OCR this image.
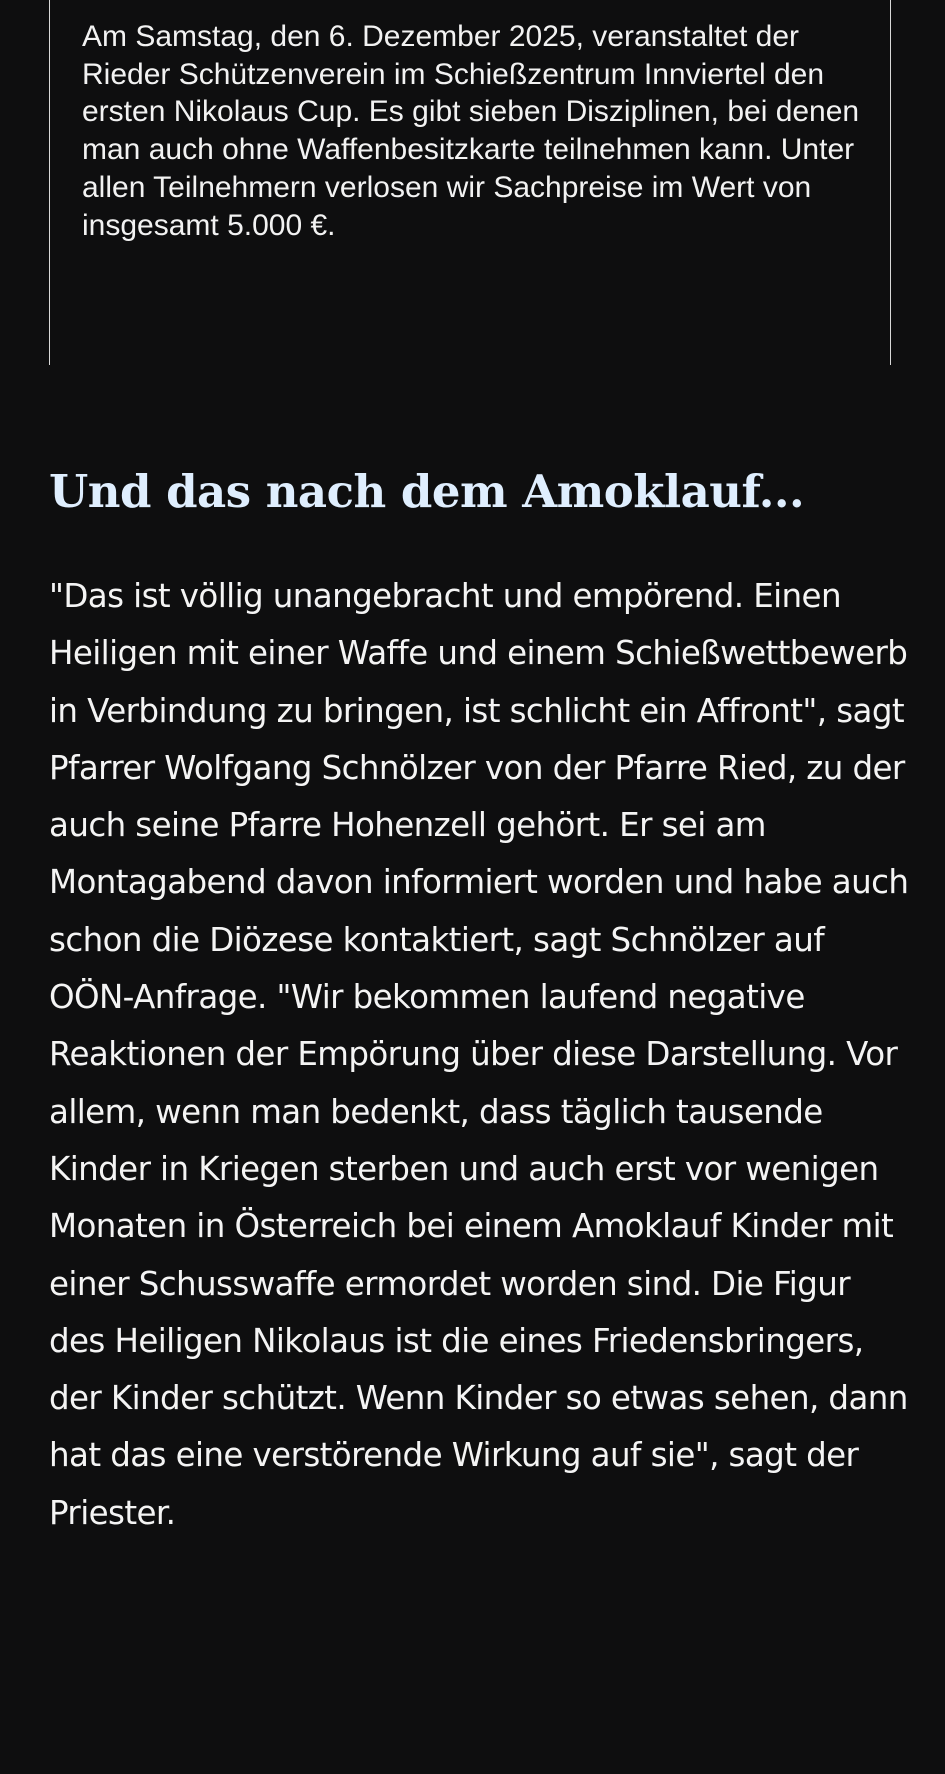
Am Samstag, den 6. Dezember 2025, veranstaltet der Rieder Schützenverein im Schießzentrum Innviertel den ersten Nikolaus Cup. Es gibt sieben Disziplinen, bei denen man auch ohne Waffenbesitzkarte teilnehmen kann. Unter allen Teilnehmern verlosen wir Sachpreise im Wert von insgesamt 5.000 €.

Und das nach dem Amoklauf...

"Das ist völlig unangebracht und empörend. Einen Heiligen mit einer Waffe und einem Schießwettbewerb in Verbindung zu bringen, ist schlicht ein Affront", sagt Pfarrer Wolfgang Schnölzer von der Pfarre Ried, zu der auch seine Pfarre Hohenzell gehört. Er sei am Montagabend davon informiert worden und habe auch schon die Diözese kontaktiert, sagt Schnölzer auf OÖN-Anfrage. "Wir bekommen laufend negative Reaktionen der Empörung über diese Darstellung. Vor allem, wenn man bedenkt, dass täglich tausende Kinder in Kriegen sterben und auch erst vor wenigen Monaten in Österreich bei einem Amoklauf Kinder mit einer Schusswaffe ermordet worden sind. Die Figur des Heiligen Nikolaus ist die eines Friedensbringers, der Kinder schützt. Wenn Kinder so etwas sehen, dann hat das eine verstörende Wirkung auf sie", sagt der Priester.
